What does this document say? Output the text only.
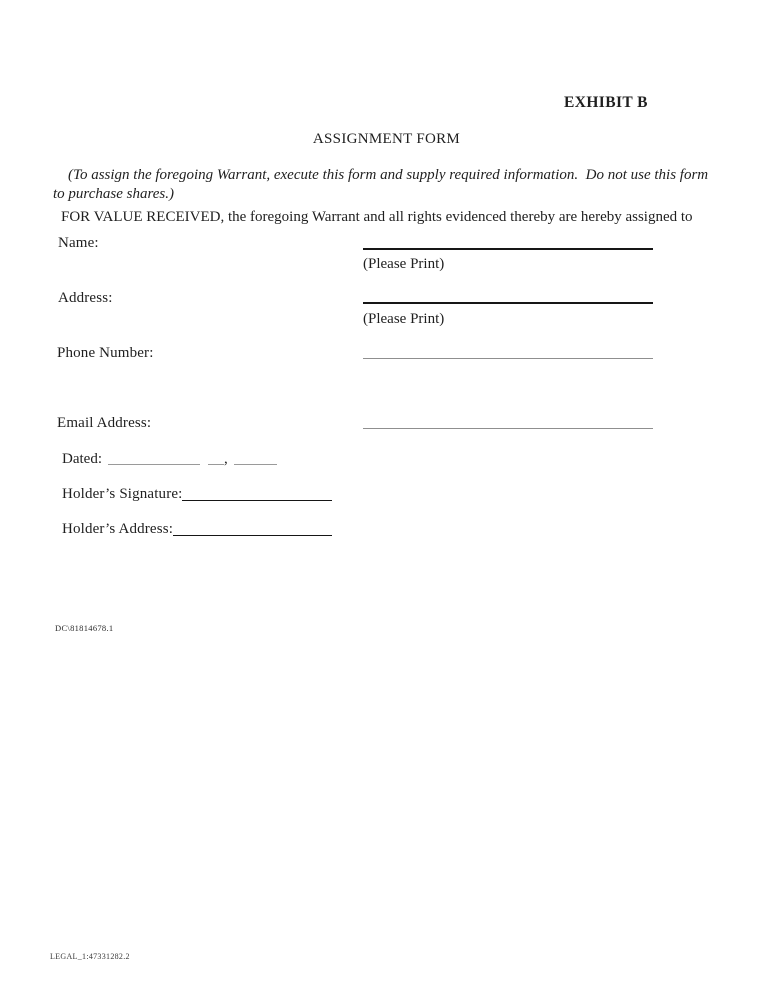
EXHIBIT B
ASSIGNMENT FORM

(To assign the foregoing Warrant, execute this form and supply required information.  Do not use this form to purchase shares.)

FOR VALUE RECEIVED, the foregoing Warrant and all rights evidenced thereby are hereby assigned to

Name:
(Please Print)
Address:
(Please Print)
Phone Number:
Email Address:
Dated:	,
Holder’s Signature:
Holder’s Address:
DC\81814678.1
LEGAL_1:47331282.2
